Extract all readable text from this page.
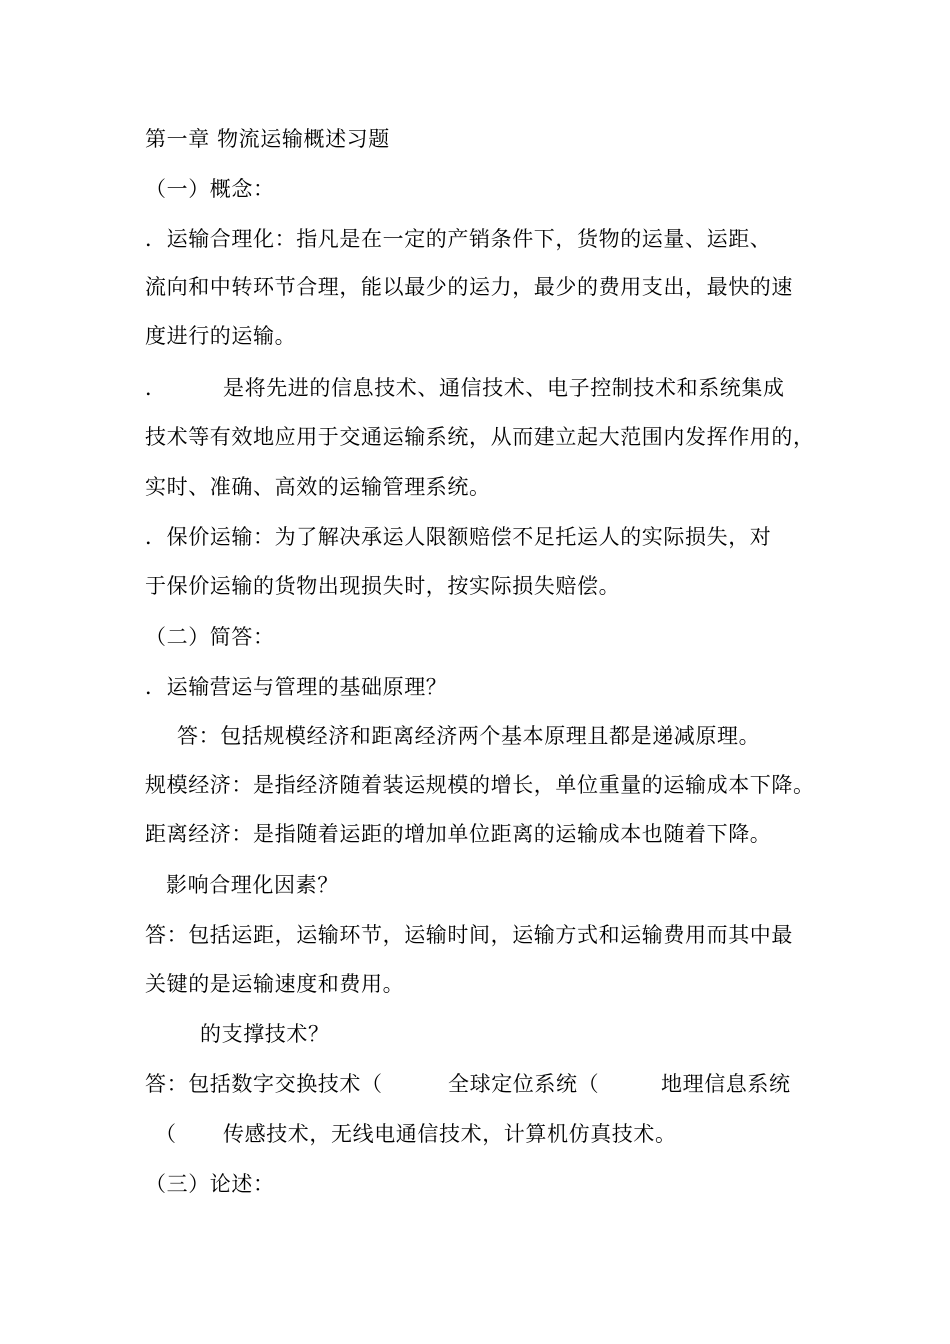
第一章 物流运输概述习题
（一）概念：
．运输合理化：指凡是在一定的产销条件下，货物的运量、运距、
流向和中转环节合理，能以最少的运力，最少的费用支出，最快的速
度进行的运输。
．	是将先进的信息技术、通信技术、电子控制技术和系统集成
技术等有效地应用于交通运输系统，从而建立起大范围内发挥作用的，
实时、准确、高效的运输管理系统。
．保价运输：为了解决承运人限额赔偿不足托运人的实际损失，对
于保价运输的货物出现损失时，按实际损失赔偿。
（二）简答：
．运输营运与管理的基础原理？
答：包括规模经济和距离经济两个基本原理且都是递减原理。
规模经济：是指经济随着装运规模的增长，单位重量的运输成本下降。
距离经济：是指随着运距的增加单位距离的运输成本也随着下降。
影响合理化因素？
答：包括运距，运输环节，运输时间，运输方式和运输费用而其中最
关键的是运输速度和费用。
的支撑技术？
答：包括数字交换技术（	全球定位系统（	地理信息系统
（ 传感技术，无线电通信技术，计算机仿真技术。
（三）论述：
